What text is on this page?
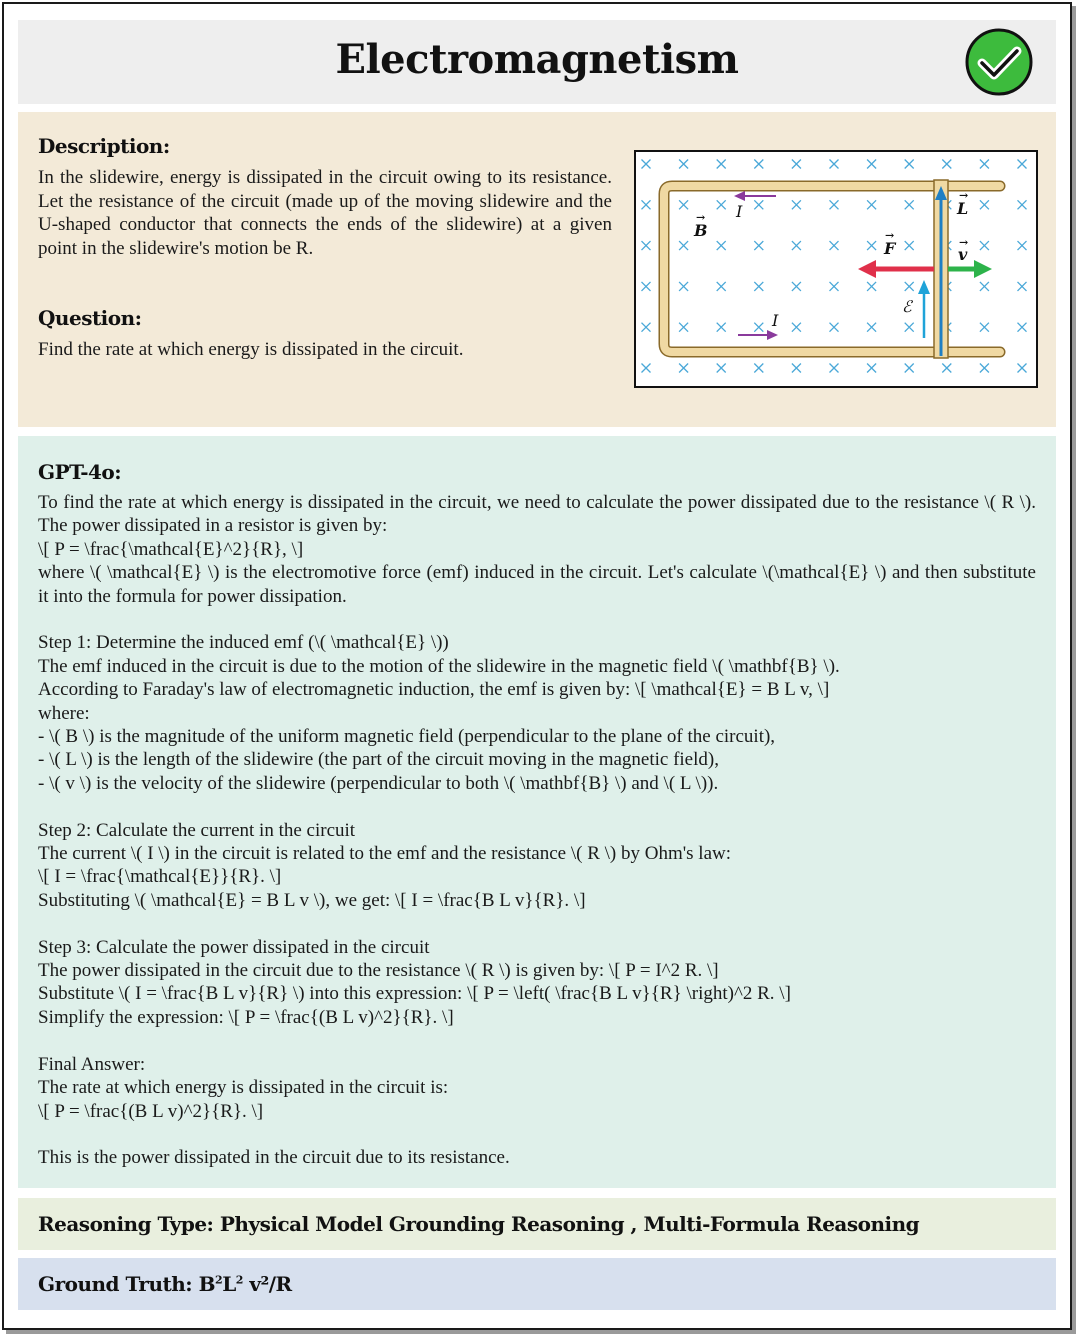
Electromagnetism
Description:
In the slidewire, energy is dissipated in the circuit owing to its resistance. Let the resistance of the circuit (made up of the moving slidewire and the U-shaped conductor that connects the ends of the slidewire) at a given point in the slidewire's motion be R.
Question:
Find the rate at which energy is dissipated in the circuit.
B
L
F	v
→
→
→
→
I
I
ℰ
GPT-4o:

To find the rate at which energy is dissipated in the circuit, we need to calculate the power dissipated due to the resistance \( R \). The power dissipated in a resistor is given by:

\[ P = \frac{\mathcal{E}^2}{R}, \]

where \( \mathcal{E} \) is the electromotive force (emf) induced in the circuit. Let's calculate \(\mathcal{E} \) and then substitute it into the formula for power dissipation.

Step 1: Determine the induced emf (\( \mathcal{E} \))

The emf induced in the circuit is due to the motion of the slidewire in the magnetic field \( \mathbf{B} \).

According to Faraday's law of electromagnetic induction, the emf is given by: \[ \mathcal{E} = B L v, \]

where:

- \( B \) is the magnitude of the uniform magnetic field (perpendicular to the plane of the circuit),

- \( L \) is the length of the slidewire (the part of the circuit moving in the magnetic field),

- \( v \) is the velocity of the slidewire (perpendicular to both \( \mathbf{B} \) and \( L \)).

Step 2: Calculate the current in the circuit

The current \( I \) in the circuit is related to the emf and the resistance \( R \) by Ohm's law:

\[ I = \frac{\mathcal{E}}{R}. \]

Substituting \( \mathcal{E} = B L v \), we get: \[ I = \frac{B L v}{R}. \]

Step 3: Calculate the power dissipated in the circuit

The power dissipated in the circuit due to the resistance \( R \) is given by: \[ P = I^2 R. \]

Substitute \( I = \frac{B L v}{R} \) into this expression: \[ P = \left( \frac{B L v}{R} \right)^2 R. \]

Simplify the expression: \[ P = \frac{(B L v)^2}{R}. \]

Final Answer:

The rate at which energy is dissipated in the circuit is:

\[ P = \frac{(B L v)^2}{R}. \]

This is the power dissipated in the circuit due to its resistance.

Reasoning Type: Physical Model Grounding Reasoning , Multi-Formula Reasoning
Ground Truth: $B^2L^2$ v²/R
